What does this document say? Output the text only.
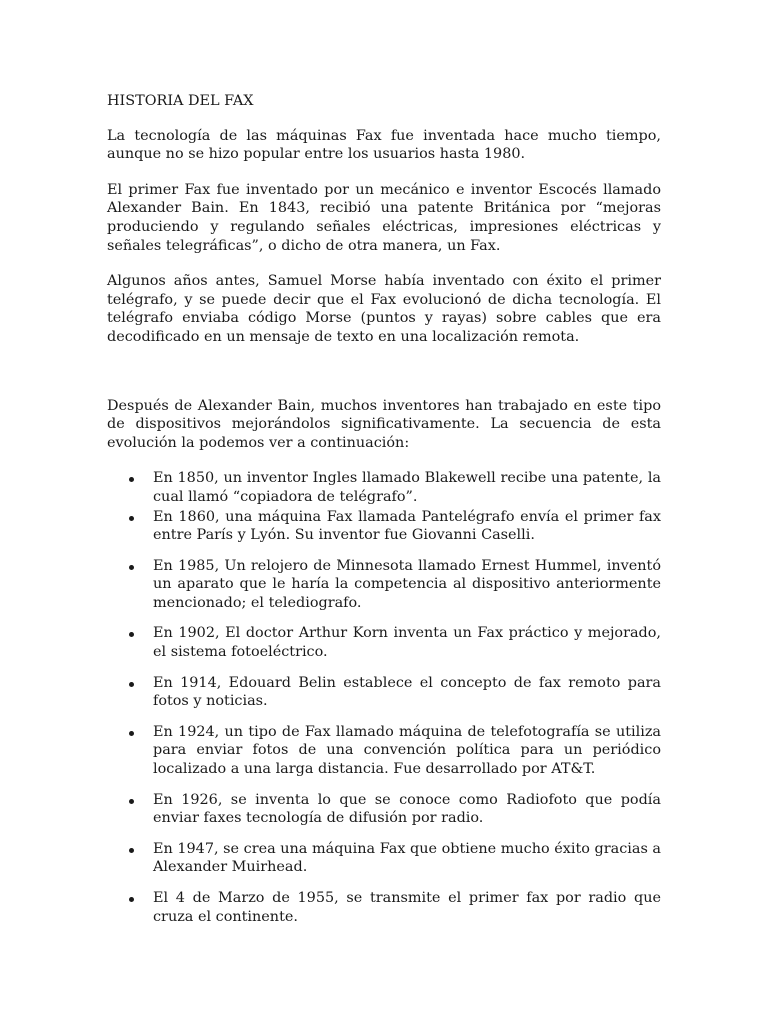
HISTORIA DEL FAX

La tecnología de las máquinas Fax fue inventada hace mucho tiempo, aunque no se hizo popular entre los usuarios hasta 1980.

El primer Fax fue inventado por un mecánico e inventor Escocés llamado Alexander Bain. En 1843, recibió una patente Británica por “mejoras produciendo y regulando señales eléctricas, impresiones eléctricas y señales telegráficas”, o dicho de otra manera, un Fax.

Algunos años antes, Samuel Morse había inventado con éxito el primer telégrafo, y se puede decir que el Fax evolucionó de dicha tecnología. El telégrafo enviaba código Morse (puntos y rayas) sobre cables que era decodificado en un mensaje de texto en una localización remota.

Después de Alexander Bain, muchos inventores han trabajado en este tipo de dispositivos mejorándolos significativamente. La secuencia de esta evolución la podemos ver a continuación:

En 1850, un inventor Ingles llamado Blakewell recibe una patente, la cual llamó “copiadora de telégrafo”.
En 1860, una máquina Fax llamada Pantelégrafo envía el primer fax entre París y Lyón. Su inventor fue Giovanni Caselli.
En 1985, Un relojero de Minnesota llamado Ernest Hummel, inventó un aparato que le haría la competencia al dispositivo anteriormente mencionado; el telediografo.
En 1902, El doctor Arthur Korn inventa un Fax práctico y mejorado, el sistema fotoeléctrico.
En 1914, Edouard Belin establece el concepto de fax remoto para fotos y noticias.
En 1924, un tipo de Fax llamado máquina de telefotografía se utiliza para enviar fotos de una convención política para un periódico localizado a una larga distancia. Fue desarrollado por AT&T.
En 1926, se inventa lo que se conoce como Radiofoto que podía enviar faxes tecnología de difusión por radio.
En 1947, se crea una máquina Fax que obtiene mucho éxito gracias a Alexander Muirhead.
El 4 de Marzo de 1955, se transmite el primer fax por radio que cruza el continente.
